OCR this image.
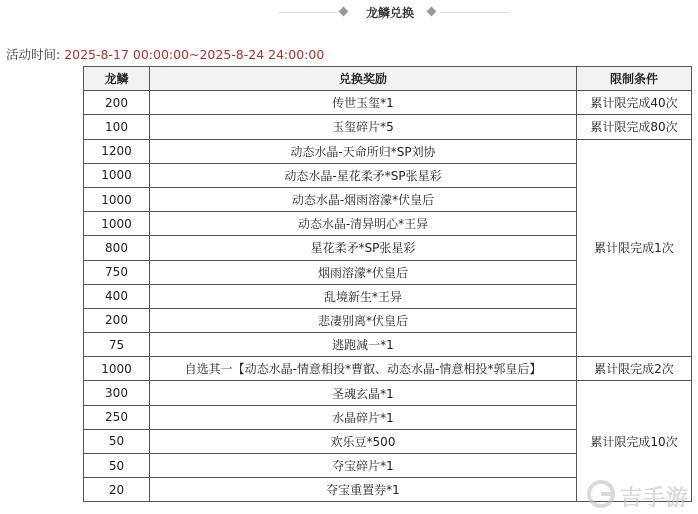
龙鳞兑换
活动时间: 2025-8-17 00:00:00~2025-8-24 24:00:00
龙鳞	兑换奖励	限制条件
200	传世玉玺*1	累计限完成40次
100	玉玺碎片*5	累计限完成80次
1200	动态水晶-天命所归*SP刘协	累计限完成1次
1000	动态水晶-星花柔矛*SP张星彩	
1000	动态水晶-烟雨溶濛*伏皇后	
1000	动态水晶-清异明心*王异	
800	星花柔矛*SP张星彩	
750	烟雨溶濛*伏皇后	
400	乱境新生*王异	
200	悲凄别离*伏皇后	
75	逃跑减一*1	
1000	自选其一【动态水晶-情意相投*曹叡、动态水晶-情意相投*郭皇后】	累计限完成2次
300	圣魂玄晶*1	累计限完成10次
250	水晶碎片*1	
50	欢乐豆*500	
50	夺宝碎片*1	
20	夺宝重置券*1		吉手游
